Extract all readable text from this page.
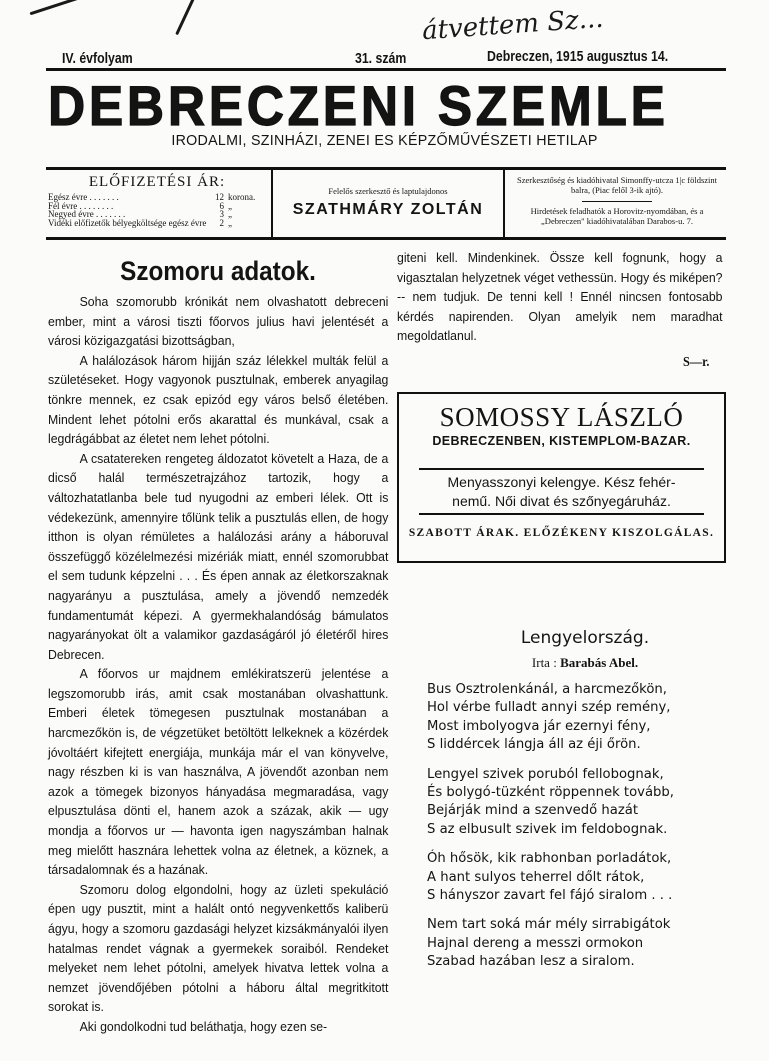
átvettem Sz...
IV. évfolyam	31. szám	Debreczen, 1915 augusztus 14.
DEBRECZENI SZEMLE
IRODALMI, SZINHÁZI, ZENEI ES KÉPZŐMŰVÉSZETI HETILAP
ELŐFIZETÉSI ÁR:
Egész évre . . . . . . .	12 korona.
Fél évre . . . . . . . .	6 „
Negyed évre . . . . . . .	3 „
Vidéki előfizetők bélyegköltsége egész évre	2 „
Felelős szerkesztő és laptulajdonos
SZATHMÁRY ZOLTÁN
Szerkesztőség és kiadóhivatal Simonffy-utcza 1|c földszint balra, (Piac felől 3-ik ajtó).
Hirdetések feladhatók a Horovitz-nyomdában, és a „Debreczen" kiadóhivatalában Darabos-u. 7.
Szomoru adatok.

Soha szomorubb krónikát nem olvashatott debreceni ember, mint a városi tiszti főorvos julius havi jelentését a városi közigazgatási bizottságban,

A halálozások három hijján száz lélekkel multák felül a születéseket. Hogy vagyonok pusztulnak, emberek anyagilag tönkre mennek, ez csak epizód egy város belső életében. Mindent lehet pótolni erős akarattal és munkával, csak a legdrágábbat az életet nem lehet pótolni.

A csatatereken rengeteg áldozatot követelt a Haza, de a dicső halál természetrajzához tartozik, hogy a változhatatlanba bele tud nyugodni az emberi lélek. Ott is védekezünk, amennyire tőlünk telik a pusztulás ellen, de hogy itthon is olyan rémületes a halálozási arány a háboruval összefüggő közélelmezési mizériák miatt, ennél szomorubbat el sem tudunk képzelni . . . És épen annak az életkorszaknak nagyarányu a pusztulása, amely a jövendő nemzedék fundamentumát képezi. A gyermekhalandóság bámulatos nagyarányokat ölt a valamikor gazdaságáról jó életéről hires Debrecen.

A főorvos ur majdnem emlékiratszerü jelentése a legszomorubb irás, amit csak mostanában olvashattunk. Emberi életek tömegesen pusztulnak mostanában a harcmezőkön is, de végzetüket betöltött lelkeknek a közérdek jóvoltáért kifejtett energiája, munkája már el van könyvelve, nagy részben ki is van használva, A jövendőt azonban nem azok a tömegek bizonyos hányadása megmaradása, vagy elpusztulása dönti el, hanem azok a százak, akik — ugy mondja a főorvos ur — havonta igen nagyszámban halnak meg mielőtt hasznára lehettek volna az életnek, a köznek, a társadalomnak és a hazának.

Szomoru dolog elgondolni, hogy az üzleti spekuláció épen ugy pusztit, mint a halált ontó negyvenkettős kaliberü ágyu, hogy a szomoru gazdasági helyzet kizsákmányalói ilyen hatalmas rendet vágnak a gyermekek soraiból. Rendeket melyeket nem lehet pótolni, amelyek hivatva lettek volna a nemzet jövendőjében pótolni a háboru által megritkitott sorokat is.

Aki gondolkodni tud beláthatja, hogy ezen se-

giteni kell. Mindenkinek. Össze kell fognunk, hogy a vigasztalan helyzetnek véget vethessün. Hogy és miképen? -- nem tudjuk. De tenni kell ! Ennél nincsen fontosabb kérdés napirenden. Olyan amelyik nem maradhat megoldatlanul.

S—r.
SOMOSSY LÁSZLÓ
DEBRECZENBEN, KISTEMPLOM-BAZAR.
Menyasszonyi kelengye. Kész fehér-
nemű. Női divat és szőnyegáruház.
SZABOTT ÁRAK. ELŐZÉKENY KISZOLGÁLAS.
Lengyelország.
Irta : Barabás Abel.
Bus Osztrolenkánál, a harcmezőkön,
Hol vérbe fulladt annyi szép remény,
Most imbolyogva jár ezernyi fény,
S liddércek lángja áll az éji őrön.
Lengyel szivek poruból fellobognak,
És bolygó-tüzként röppennek tovább,
Bejárják mind a szenvedő hazát
S az elbusult szivek im feldobognak.
Óh hősök, kik rabhonban porladátok,
A hant sulyos teherrel dőlt rátok,
S hányszor zavart fel fájó siralom . . .
Nem tart soká már mély sirrabigátok
Hajnal dereng a messzi ormokon
Szabad hazában lesz a siralom.
